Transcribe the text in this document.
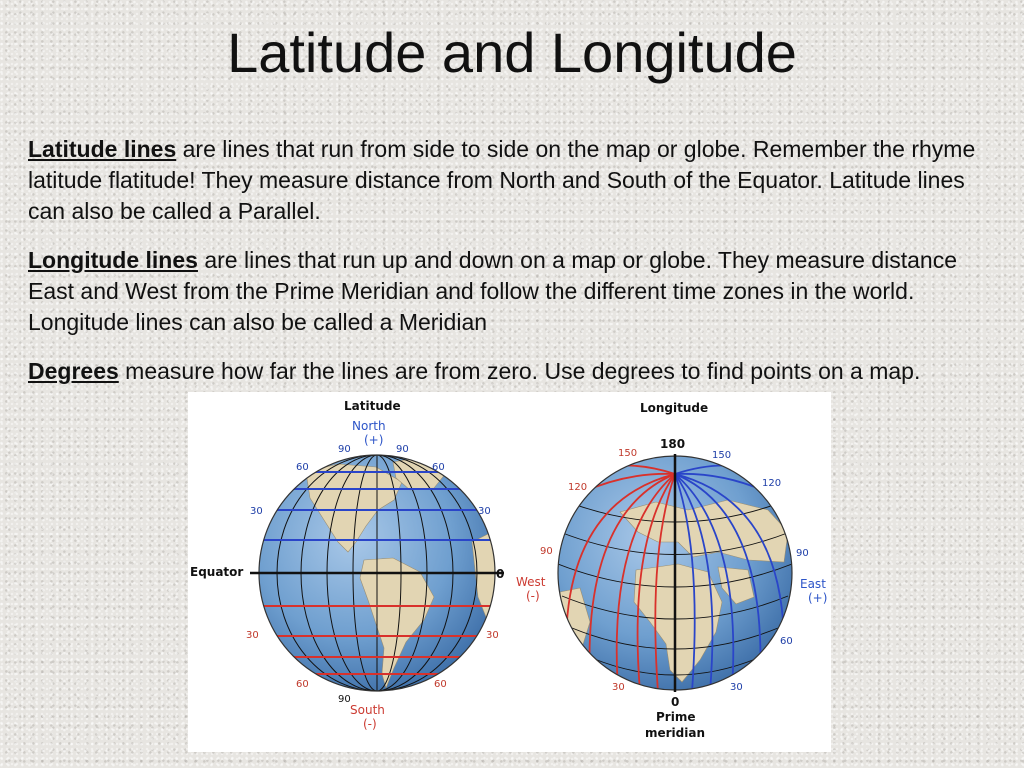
Latitude and Longitude

Latitude lines are lines that run from side to side on the map or globe. Remember the rhyme latitude flatitude! They measure distance from North and South of the Equator. Latitude lines can also be called a Parallel.

Longitude lines are lines that run up and down on a map or globe. They measure distance East and West from the Prime Meridian and follow the different time zones in the world. Longitude lines can also be called a Meridian

Degrees measure how far the lines are from zero. Use degrees to find points on a map.

Latitude
North
(+)
90	90
60	60
30	30
Equator	0
30	30
60	60
90
South
(-)
Longitude
180
150	150
120	120
90	90
West
(-)
East
(+)
60
30	30
0
Prime
meridian
